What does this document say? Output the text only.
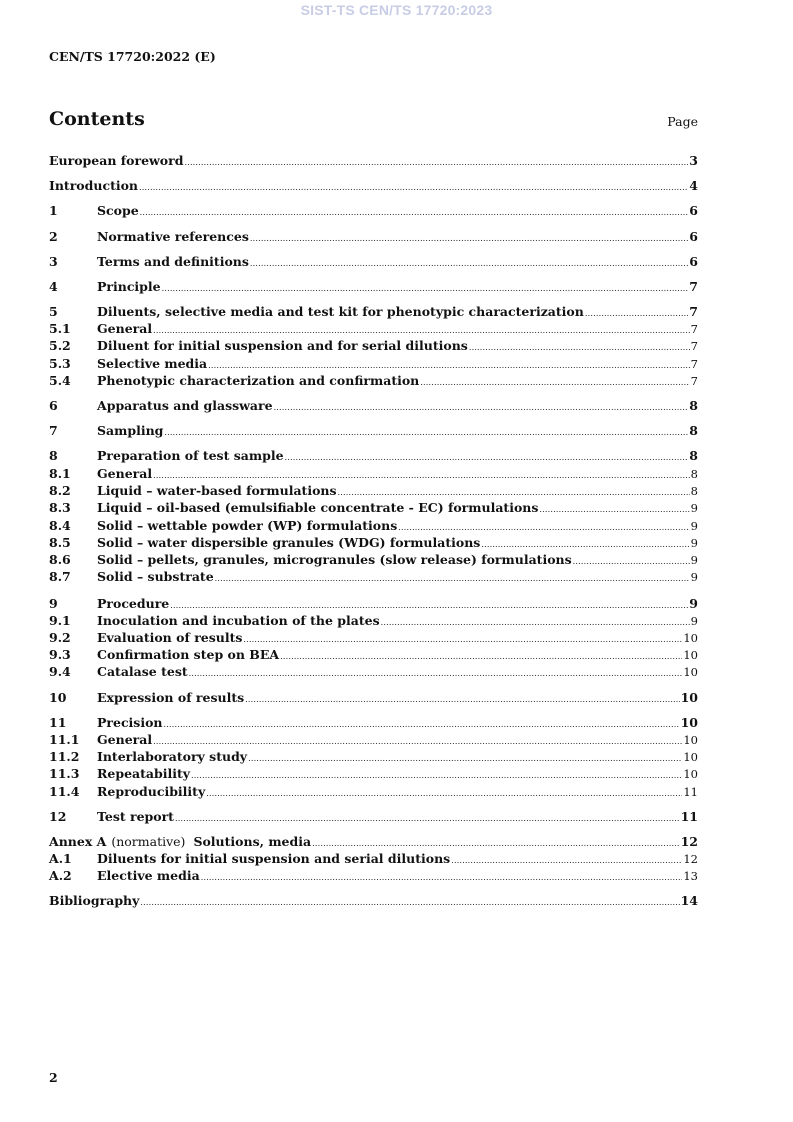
SIST-TS CEN/TS 17720:2023
CEN/TS 17720:2022 (E)
Contents	Page
European foreword .....	3
Introduction .....	4
1	Scope .....	6
2	Normative references .....	6
3	Terms and definitions .....	6
4	Principle .....	7
5	Diluents, selective media and test kit for phenotypic characterization .....	7
5.1	General .....	7
5.2	Diluent for initial suspension and for serial dilutions .....	7
5.3	Selective media .....	7
5.4	Phenotypic characterization and confirmation .....	7
6	Apparatus and glassware .....	8
7	Sampling .....	8
8	Preparation of test sample .....	8
8.1	General .....	8
8.2	Liquid – water-based formulations .....	8
8.3	Liquid – oil-based (emulsifiable concentrate - EC) formulations .....	9
8.4	Solid – wettable powder (WP) formulations .....	9
8.5	Solid – water dispersible granules (WDG) formulations .....	9
8.6	Solid – pellets, granules, microgranules (slow release) formulations .....	9
8.7	Solid – substrate .....	9
9	Procedure .....	9
9.1	Inoculation and incubation of the plates .....	9
9.2	Evaluation of results .....	10
9.3	Confirmation step on BEA .....	10
9.4	Catalase test .....	10
10	Expression of results .....	10
11	Precision .....	10
11.1	General .....	10
11.2	Interlaboratory study .....	10
11.3	Repeatability .....	10
11.4	Reproducibility .....	11
12	Test report .....	11
Annex A (normative) Solutions, media .....	12
A.1	Diluents for initial suspension and serial dilutions .....	12
A.2	Elective media .....	13
Bibliography .....	14
2
